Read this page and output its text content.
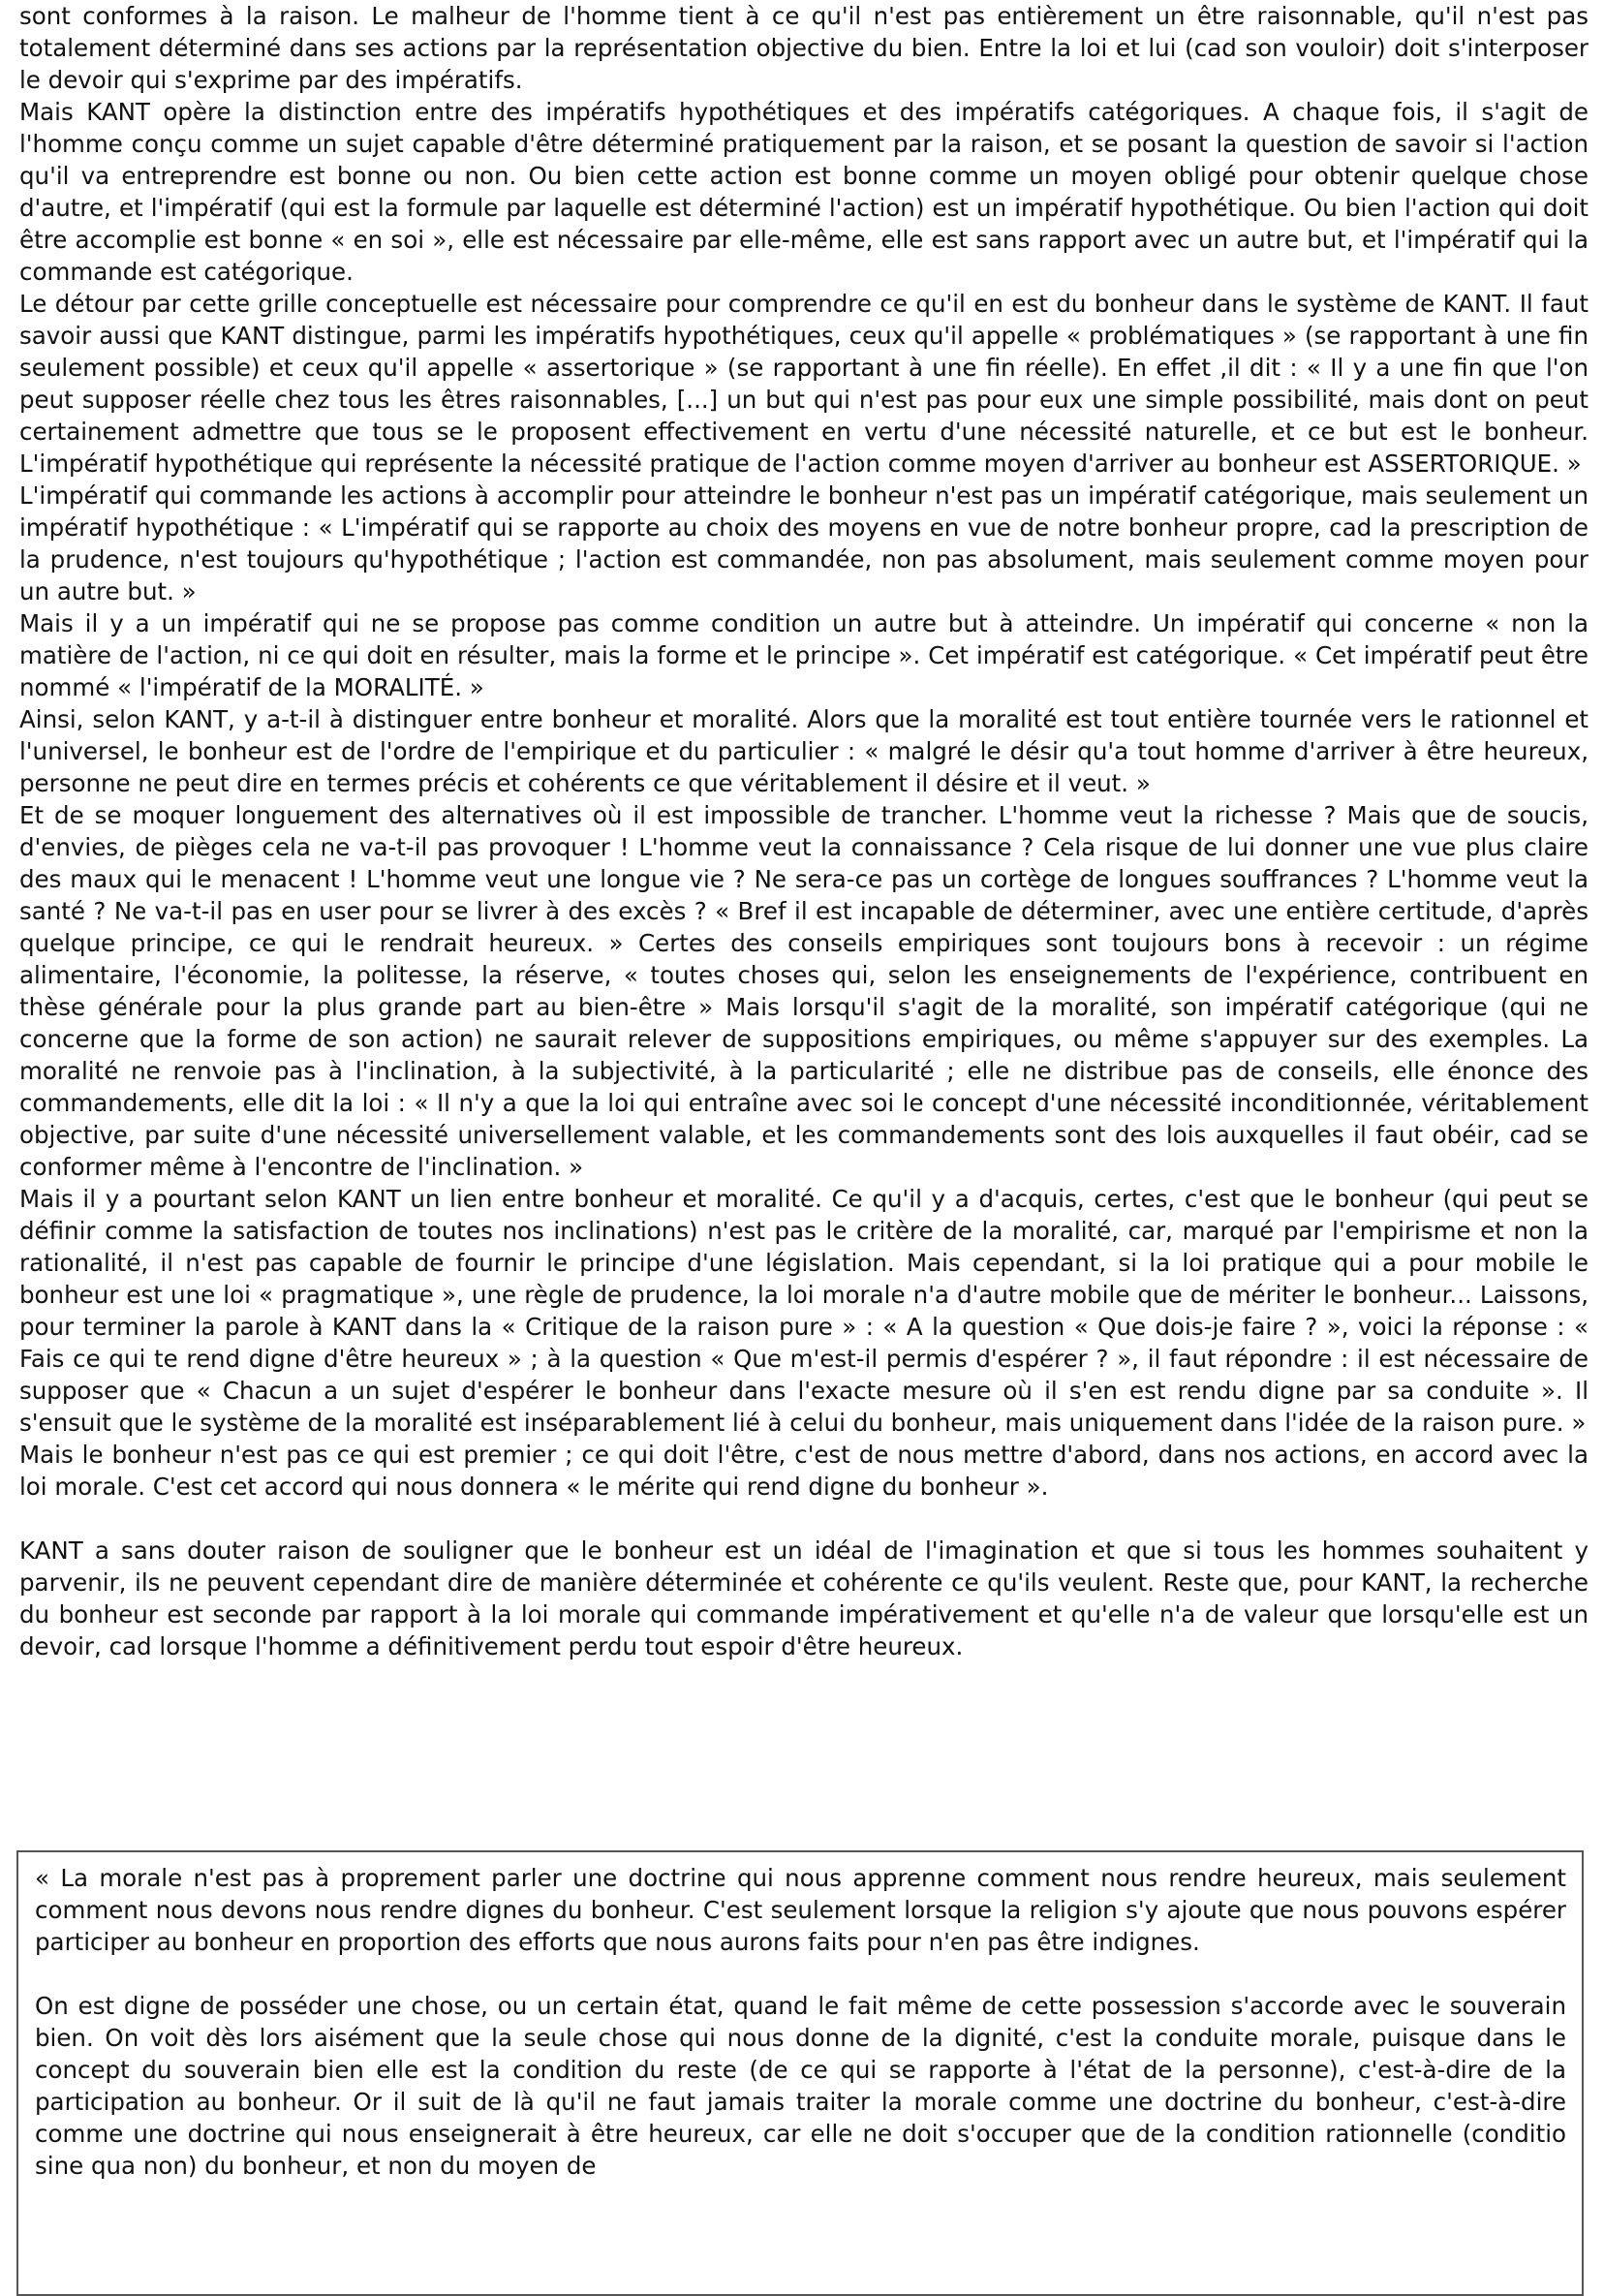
sont conformes à la raison. Le malheur de l'homme tient à ce qu'il n'est pas entièrement un être raisonnable, qu'il n'est pas totalement déterminé dans ses actions par la représentation objective du bien. Entre la loi et lui (cad son vouloir) doit s'interposer le devoir qui s'exprime par des impératifs.

Mais KANT opère la distinction entre des impératifs hypothétiques et des impératifs catégoriques. A chaque fois, il s'agit de l'homme conçu comme un sujet capable d'être déterminé pratiquement par la raison, et se posant la question de savoir si l'action qu'il va entreprendre est bonne ou non. Ou bien cette action est bonne comme un moyen obligé pour obtenir quelque chose d'autre, et l'impératif (qui est la formule par laquelle est déterminé l'action) est un impératif hypothétique. Ou bien l'action qui doit être accomplie est bonne « en soi », elle est nécessaire par elle-même, elle est sans rapport avec un autre but, et l'impératif qui la commande est catégorique.

Le détour par cette grille conceptuelle est nécessaire pour comprendre ce qu'il en est du bonheur dans le système de KANT. Il faut savoir aussi que KANT distingue, parmi les impératifs hypothétiques, ceux qu'il appelle « problématiques » (se rapportant à une fin seulement possible) et ceux qu'il appelle « assertorique » (se rapportant à une fin réelle). En effet ,il dit : « Il y a une fin que l'on peut supposer réelle chez tous les êtres raisonnables, [...] un but qui n'est pas pour eux une simple possibilité, mais dont on peut certainement admettre que tous se le proposent effectivement en vertu d'une nécessité naturelle, et ce but est le bonheur. L'impératif hypothétique qui représente la nécessité pratique de l'action comme moyen d'arriver au bonheur est ASSERTORIQUE. »

L'impératif qui commande les actions à accomplir pour atteindre le bonheur n'est pas un impératif catégorique, mais seulement un impératif hypothétique : « L'impératif qui se rapporte au choix des moyens en vue de notre bonheur propre, cad la prescription de la prudence, n'est toujours qu'hypothétique ; l'action est commandée, non pas absolument, mais seulement comme moyen pour un autre but. »

Mais il y a un impératif qui ne se propose pas comme condition un autre but à atteindre. Un impératif qui concerne « non la matière de l'action, ni ce qui doit en résulter, mais la forme et le principe ». Cet impératif est catégorique. « Cet impératif peut être nommé « l'impératif de la MORALITÉ. »

Ainsi, selon KANT, y a-t-il à distinguer entre bonheur et moralité. Alors que la moralité est tout entière tournée vers le rationnel et l'universel, le bonheur est de l'ordre de l'empirique et du particulier : « malgré le désir qu'a tout homme d'arriver à être heureux, personne ne peut dire en termes précis et cohérents ce que véritablement il désire et il veut. »

Et de se moquer longuement des alternatives où il est impossible de trancher. L'homme veut la richesse ? Mais que de soucis, d'envies, de pièges cela ne va-t-il pas provoquer ! L'homme veut la connaissance ? Cela risque de lui donner une vue plus claire des maux qui le menacent ! L'homme veut une longue vie ? Ne sera-ce pas un cortège de longues souffrances ? L'homme veut la santé ? Ne va-t-il pas en user pour se livrer à des excès ? « Bref il est incapable de déterminer, avec une entière certitude, d'après quelque principe, ce qui le rendrait heureux. » Certes des conseils empiriques sont toujours bons à recevoir : un régime alimentaire, l'économie, la politesse, la réserve, « toutes choses qui, selon les enseignements de l'expérience, contribuent en thèse générale pour la plus grande part au bien-être » Mais lorsqu'il s'agit de la moralité, son impératif catégorique (qui ne concerne que la forme de son action) ne saurait relever de suppositions empiriques, ou même s'appuyer sur des exemples. La moralité ne renvoie pas à l'inclination, à la subjectivité, à la particularité ; elle ne distribue pas de conseils, elle énonce des commandements, elle dit la loi : « Il n'y a que la loi qui entraîne avec soi le concept d'une nécessité inconditionnée, véritablement objective, par suite d'une nécessité universellement valable, et les commandements sont des lois auxquelles il faut obéir, cad se conformer même à l'encontre de l'inclination. »

Mais il y a pourtant selon KANT un lien entre bonheur et moralité. Ce qu'il y a d'acquis, certes, c'est que le bonheur (qui peut se définir comme la satisfaction de toutes nos inclinations) n'est pas le critère de la moralité, car, marqué par l'empirisme et non la rationalité, il n'est pas capable de fournir le principe d'une législation. Mais cependant, si la loi pratique qui a pour mobile le bonheur est une loi « pragmatique », une règle de prudence, la loi morale n'a d'autre mobile que de mériter le bonheur... Laissons, pour terminer la parole à KANT dans la « Critique de la raison pure » : « A la question « Que dois-je faire ? », voici la réponse : « Fais ce qui te rend digne d'être heureux » ; à la question « Que m'est-il permis d'espérer ? », il faut répondre : il est nécessaire de supposer que « Chacun a un sujet d'espérer le bonheur dans l'exacte mesure où il s'en est rendu digne par sa conduite ». Il s'ensuit que le système de la moralité est inséparablement lié à celui du bonheur, mais uniquement dans l'idée de la raison pure. »

Mais le bonheur n'est pas ce qui est premier ; ce qui doit l'être, c'est de nous mettre d'abord, dans nos actions, en accord avec la loi morale. C'est cet accord qui nous donnera « le mérite qui rend digne du bonheur ».

KANT a sans douter raison de souligner que le bonheur est un idéal de l'imagination et que si tous les hommes souhaitent y parvenir, ils ne peuvent cependant dire de manière déterminée et cohérente ce qu'ils veulent. Reste que, pour KANT, la recherche du bonheur est seconde par rapport à la loi morale qui commande impérativement et qu'elle n'a de valeur que lorsqu'elle est un devoir, cad lorsque l'homme a définitivement perdu tout espoir d'être heureux.

« La morale n'est pas à proprement parler une doctrine qui nous apprenne comment nous rendre heureux, mais seulement comment nous devons nous rendre dignes du bonheur. C'est seulement lorsque la religion s'y ajoute que nous pouvons espérer participer au bonheur en proportion des efforts que nous aurons faits pour n'en pas être indignes.

On est digne de posséder une chose, ou un certain état, quand le fait même de cette possession s'accorde avec le souverain bien. On voit dès lors aisément que la seule chose qui nous donne de la dignité, c'est la conduite morale, puisque dans le concept du souverain bien elle est la condition du reste (de ce qui se rapporte à l'état de la personne), c'est-à-dire de la participation au bonheur. Or il suit de là qu'il ne faut jamais traiter la morale comme une doctrine du bonheur, c'est-à-dire comme une doctrine qui nous enseignerait à être heureux, car elle ne doit s'occuper que de la condition rationnelle (conditio sine qua non) du bonheur, et non du moyen de
